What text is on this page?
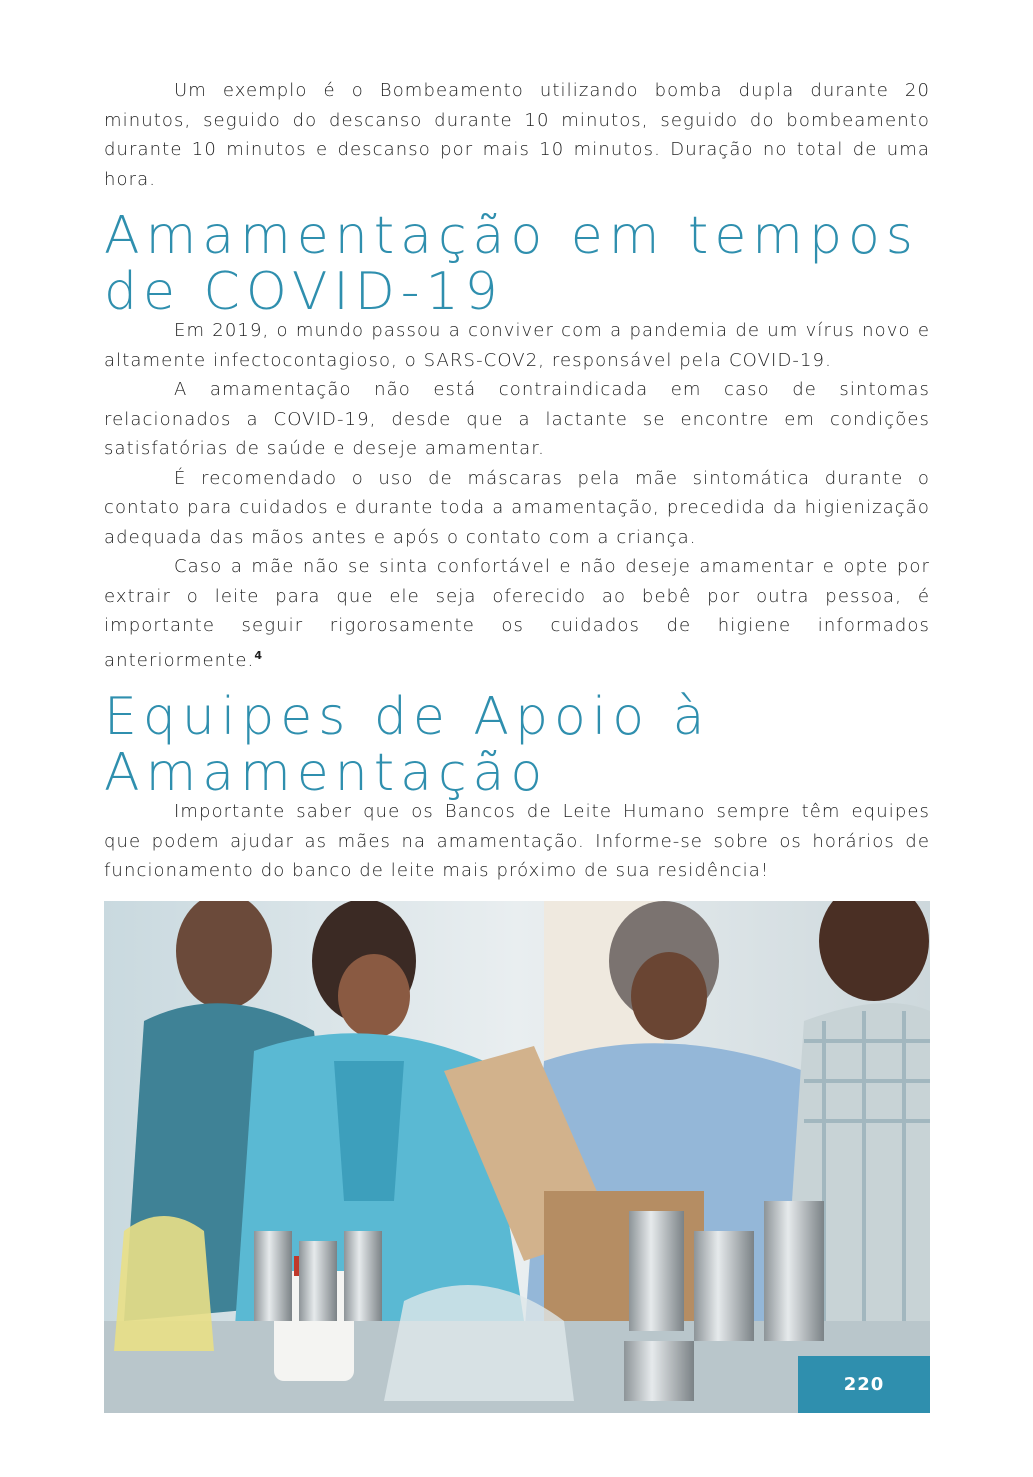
Um exemplo é o Bombeamento utilizando bomba dupla durante 20 minutos, seguido do descanso durante 10 minutos, seguido do bombeamento durante 10 minutos e descanso por mais 10 minutos. Duração no total de uma hora.

Amamentação em tempos de COVID-19

Em 2019, o mundo passou a conviver com a pandemia de um vírus novo e altamente infectocontagioso, o SARS-COV2, responsável pela COVID-19.

A amamentação não está contraindicada em caso de sintomas relacionados a COVID-19, desde que a lactante se encontre em condições satisfatórias de saúde e deseje amamentar.

É recomendado o uso de máscaras pela mãe sintomática durante o contato para cuidados e durante toda a amamentação, precedida da higienização adequada das mãos antes e após o contato com a criança.

Caso a mãe não se sinta confortável e não deseje amamentar e opte por extrair o leite para que ele seja oferecido ao bebê por outra pessoa, é importante seguir rigorosamente os cuidados de higiene informados anteriormente.$^4$

Equipes de Apoio à Amamentação

Importante saber que os Bancos de Leite Humano sempre têm equipes que podem ajudar as mães na amamentação. Informe-se sobre os horários de funcionamento do banco de leite mais próximo de sua residência!

220
